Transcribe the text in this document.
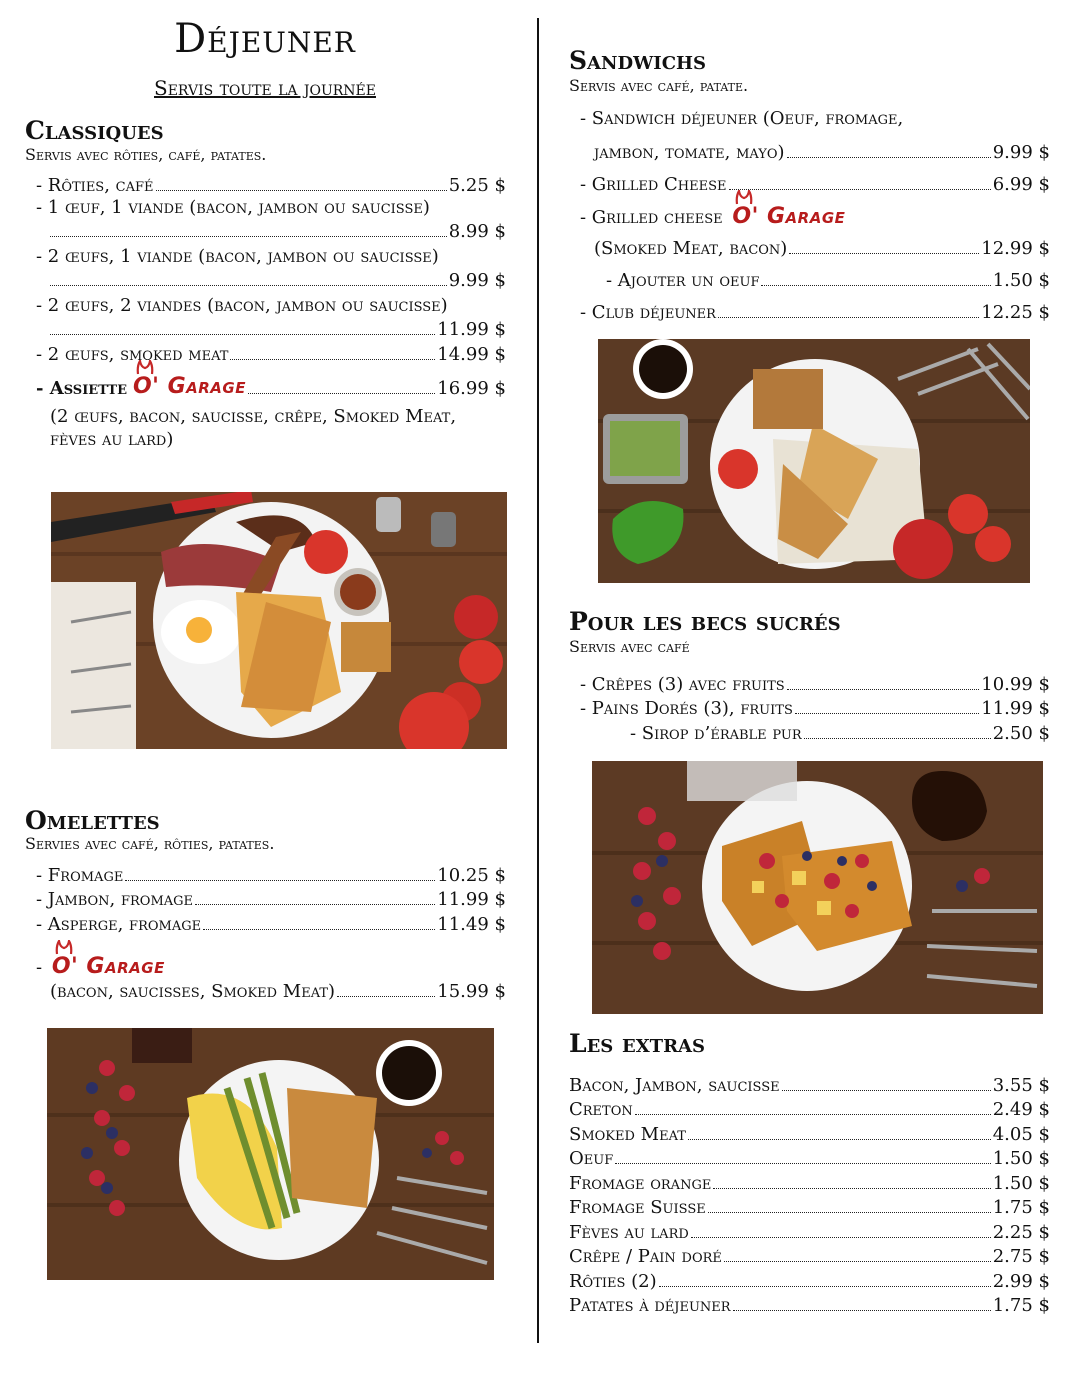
Déjeuner
Servis toute la journée
Classiques
Servis avec rôties, café, patates.
- Rôties, café	5.25 $
- 1 œuf, 1 viande (bacon, jambon ou saucisse)
8.99 $
- 2 œufs, 1 viande (bacon, jambon ou saucisse)
9.99 $
- 2 œufs, 2 viandes (bacon, jambon ou saucisse)
11.99 $
- 2 œufs, smoked meat	14.99 $
- Assiette O' Garage	16.99 $
(2 œufs, bacon, saucisse, crêpe, Smoked Meat,
fèves au lard)
Omelettes
Servies avec café, rôties, patates.
- Fromage	10.25 $
- Jambon, fromage	11.99 $
- Asperge, fromage	11.49 $
- O' Garage
(bacon, saucisses, Smoked Meat)	15.99 $
Sandwichs
Servis avec café, patate.
- Sandwich déjeuner (Oeuf, fromage,
jambon, tomate, mayo)	9.99 $
- Grilled Cheese	6.99 $
- Grilled cheese O' Garage
(Smoked Meat, bacon)	12.99 $
- Ajouter un oeuf	1.50 $
- Club déjeuner	12.25 $
Pour les becs sucrés
Servis avec café
- Crêpes (3) avec fruits	10.99 $
- Pains Dorés (3), fruits	11.99 $
- Sirop d’érable pur	2.50 $
Les extras
Bacon, Jambon, saucisse	3.55 $
Creton	2.49 $
Smoked Meat	4.05 $
Oeuf	1.50 $
Fromage orange	1.50 $
Fromage Suisse	1.75 $
Fèves au lard	2.25 $
Crêpe / Pain doré	2.75 $
Rôties (2)	2.99 $
Patates à déjeuner	1.75 $
